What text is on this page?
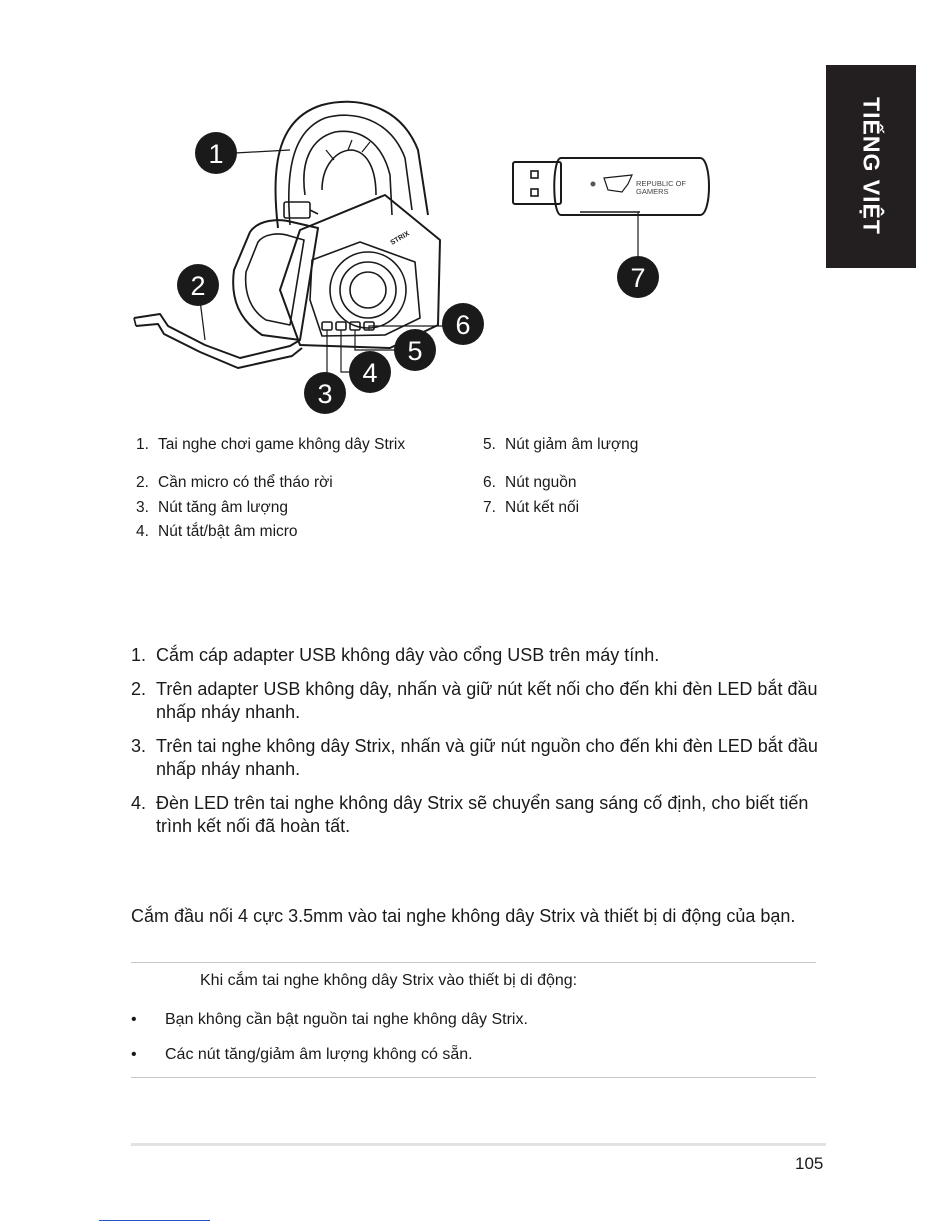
TIẾNG VIỆT
STRIX
REPUBLIC OF
GAMERS
1
2
3
4
5
6
7
1. Tai nghe chơi game không dây Strix
2. Cần micro có thể tháo rời
3. Nút tăng âm lượng
4. Nút tắt/bật âm micro
5. Nút giảm âm lượng
6. Nút nguồn
7. Nút kết nối
1. Cắm cáp adapter USB không dây vào cổng USB trên máy tính.
2. Trên adapter USB không dây, nhấn và giữ nút kết nối cho đến khi đèn LED bắt đầu nhấp nháy nhanh.
3. Trên tai nghe không dây Strix, nhấn và giữ nút nguồn cho đến khi đèn LED bắt đầu nhấp nháy nhanh.
4. Đèn LED trên tai nghe không dây Strix sẽ chuyển sang sáng cố định, cho biết tiến trình kết nối đã hoàn tất.
Cắm đầu nối 4 cực 3.5mm vào tai nghe không dây Strix và thiết bị di động của bạn.
Khi cắm tai nghe không dây Strix vào thiết bị di động:
• Bạn không cần bật nguồn tai nghe không dây Strix.
• Các nút tăng/giảm âm lượng không có sẵn.
105
